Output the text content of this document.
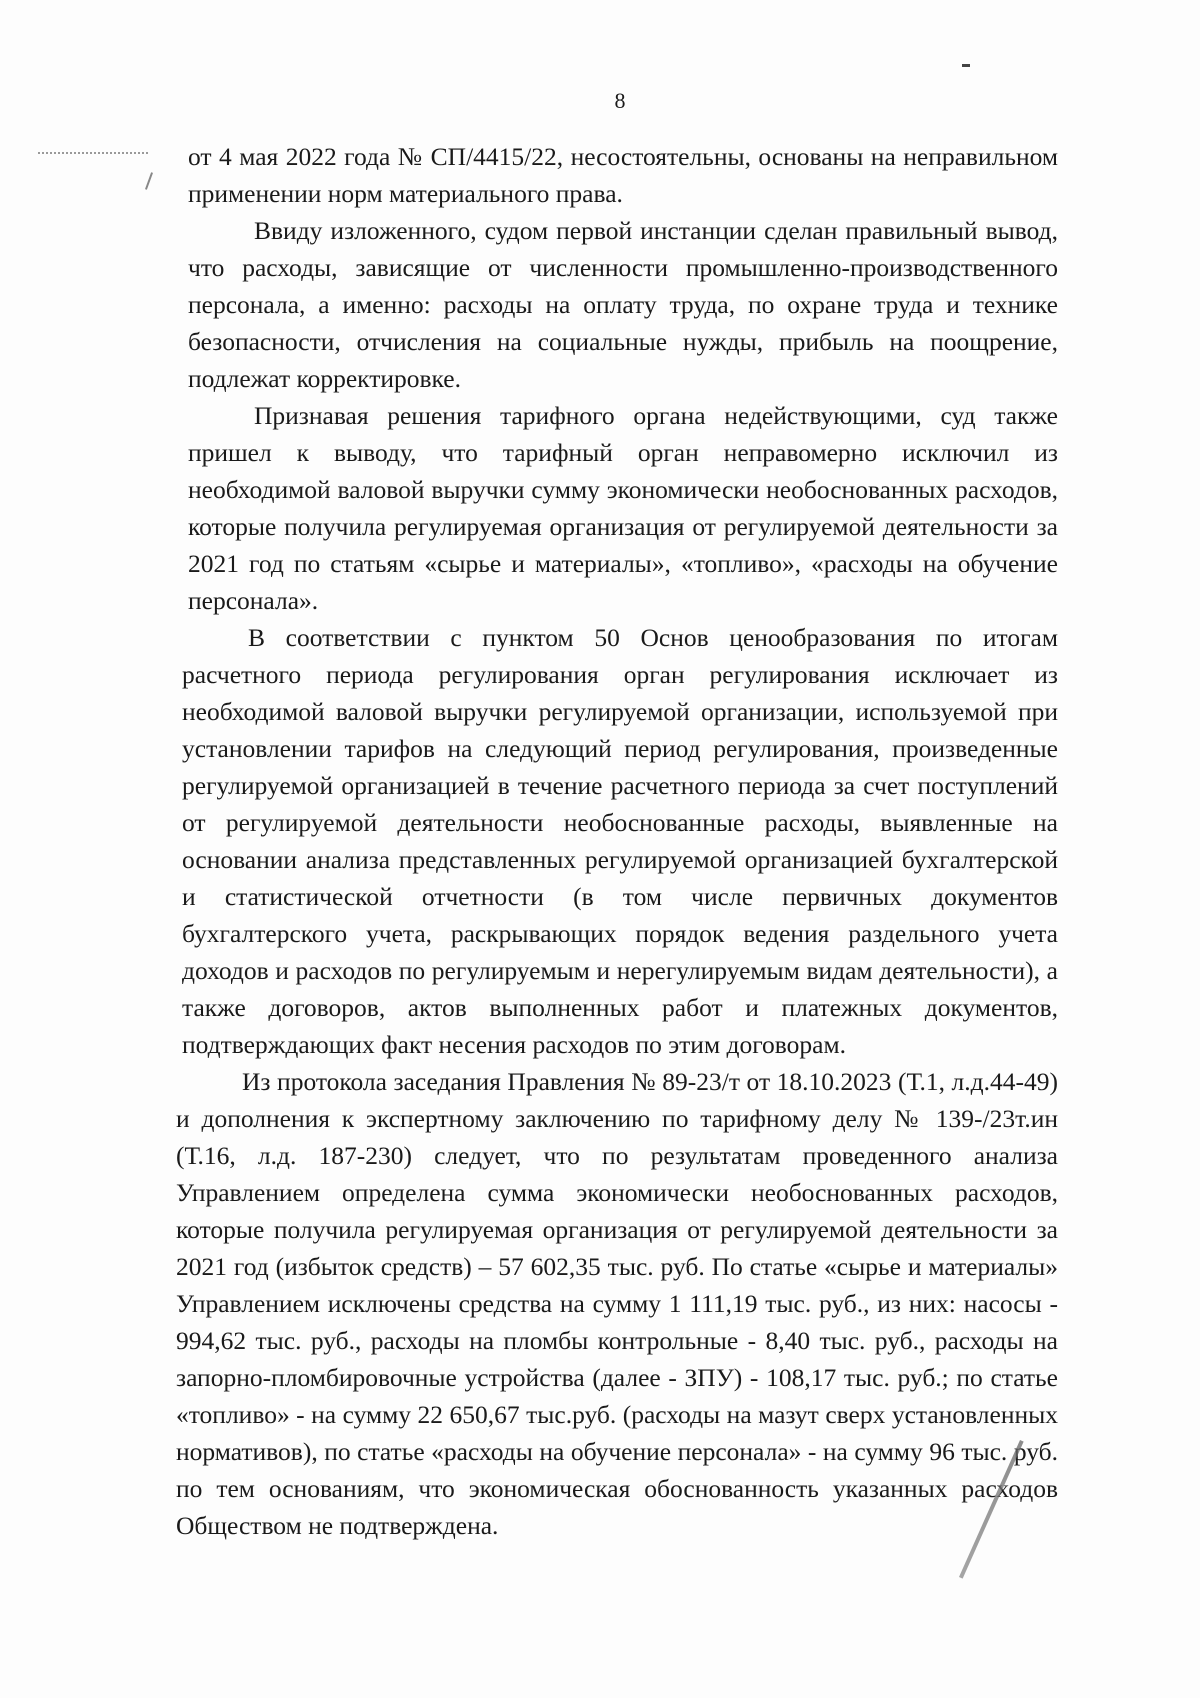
8

от 4 мая 2022 года № СП/4415/22, несостоятельны, основаны на неправильном применении норм материального права.

Ввиду изложенного, судом первой инстанции сделан правильный вывод, что расходы, зависящие от численности промышленно-производственного персонала, а именно: расходы на оплату труда, по охране труда и технике безопасности, отчисления на социальные нужды, прибыль на поощрение, подлежат корректировке.

Признавая решения тарифного органа недействующими, суд также пришел к выводу, что тарифный орган неправомерно исключил из необходимой валовой выручки сумму экономически необоснованных расходов, которые получила регулируемая организация от регулируемой деятельности за 2021 год по статьям «сырье и материалы», «топливо», «расходы на обучение персонала».

В соответствии с пунктом 50 Основ ценообразования по итогам расчетного периода регулирования орган регулирования исключает из необходимой валовой выручки регулируемой организации, используемой при установлении тарифов на следующий период регулирования, произведенные регулируемой организацией в течение расчетного периода за счет поступлений от регулируемой деятельности необоснованные расходы, выявленные на основании анализа представленных регулируемой организацией бухгалтерской и статистической отчетности (в том числе первичных документов бухгалтерского учета, раскрывающих порядок ведения раздельного учета доходов и расходов по регулируемым и нерегулируемым видам деятельности), а также договоров, актов выполненных работ и платежных документов, подтверждающих факт несения расходов по этим договорам.

Из протокола заседания Правления № 89-23/т от 18.10.2023 (Т.1, л.д.44-49) и дополнения к экспертному заключению по тарифному делу № 139-/23т.ин (Т.16, л.д. 187-230) следует, что по результатам проведенного анализа Управлением определена сумма экономически необоснованных расходов, которые получила регулируемая организация от регулируемой деятельности за 2021 год (избыток средств) – 57 602,35 тыс. руб. По статье «сырье и материалы» Управлением исключены средства на сумму 1 111,19 тыс. руб., из них: насосы - 994,62 тыс. руб., расходы на пломбы контрольные - 8,40 тыс. руб., расходы на запорно-пломбировочные устройства (далее - ЗПУ) - 108,17 тыс. руб.; по статье «топливо» - на сумму 22 650,67 тыс.руб. (расходы на мазут сверх установленных нормативов), по статье «расходы на обучение персонала» - на сумму 96 тыс. руб. по тем основаниям, что экономическая обоснованность указанных расходов Обществом не подтверждена.
